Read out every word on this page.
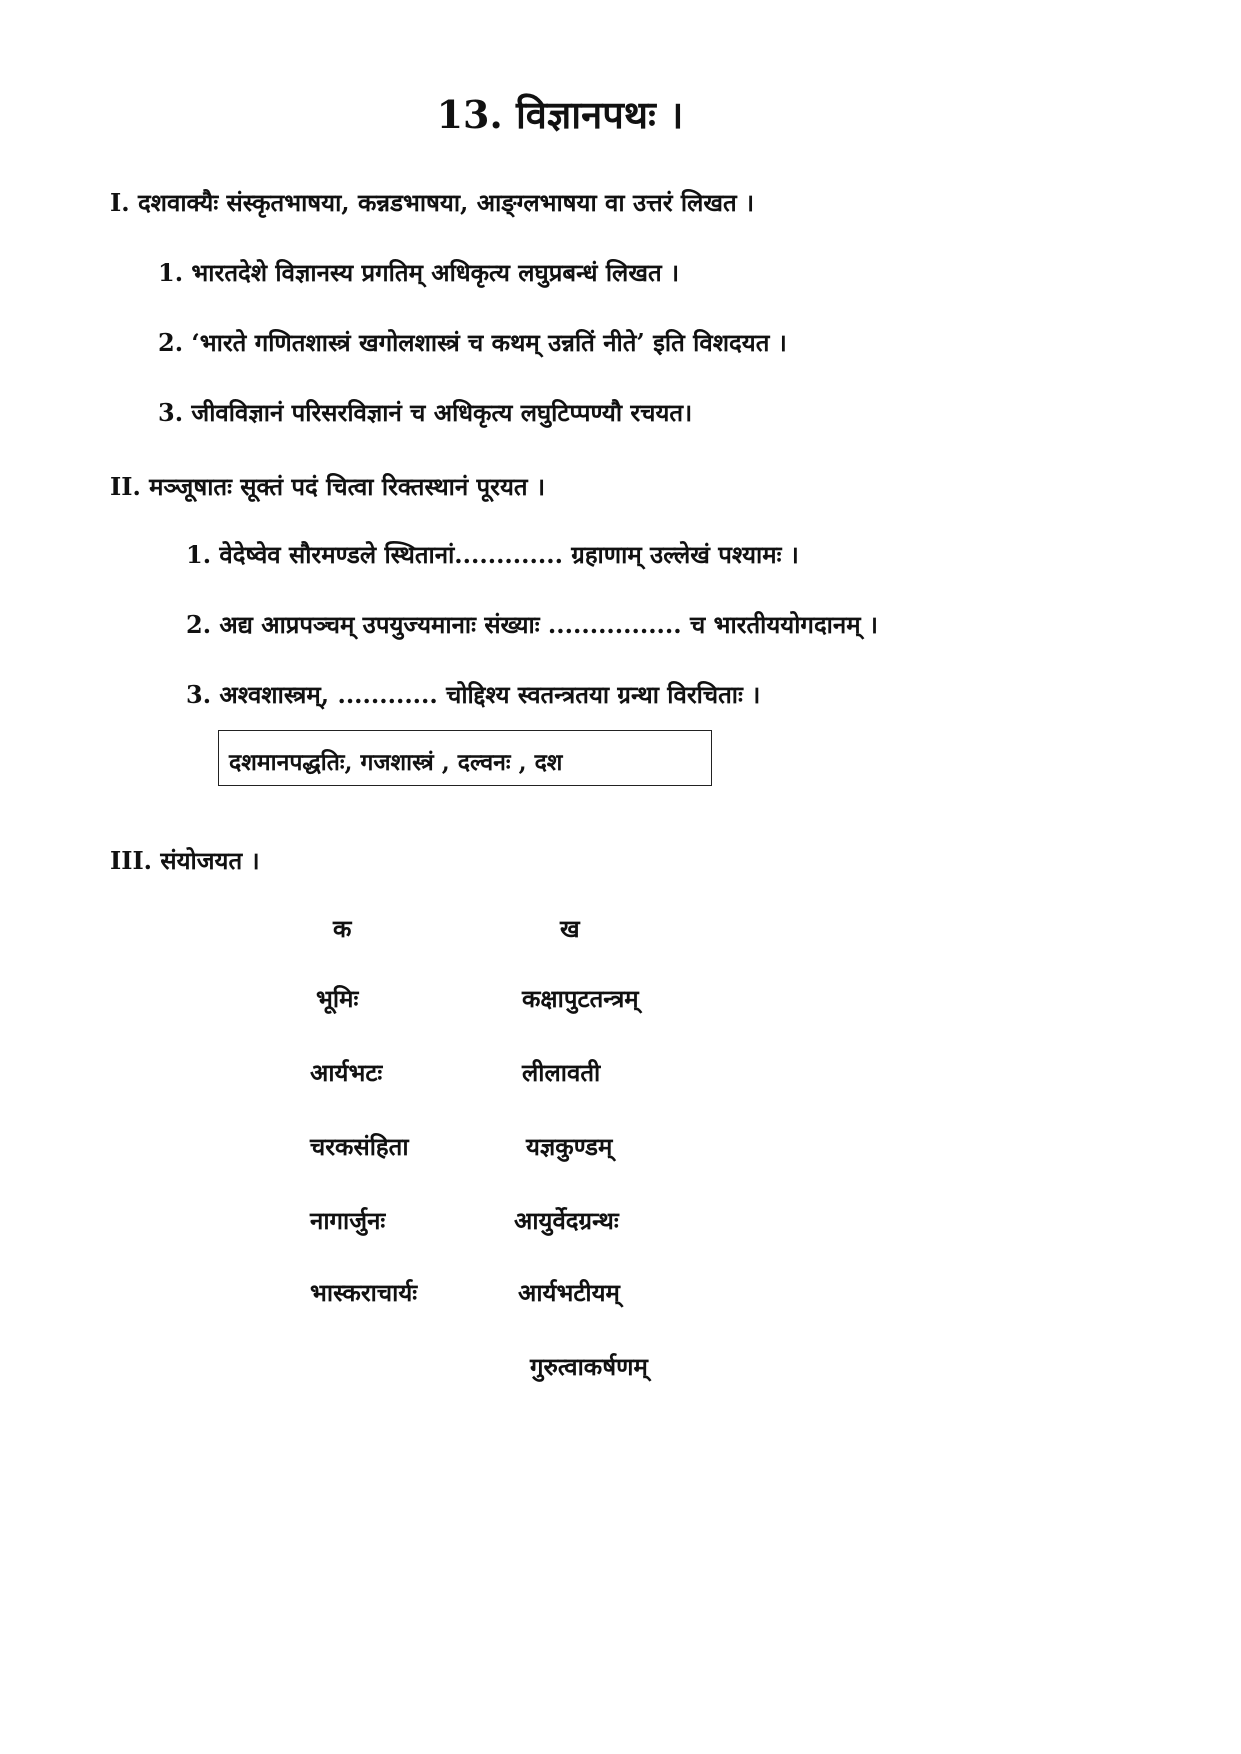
13. विज्ञानपथः ।
I. दशवाक्यैः संस्कृतभाषया, कन्नडभाषया, आङ्ग्लभाषया वा उत्तरं लिखत ।
1. भारतदेशे विज्ञानस्य प्रगतिम् अधिकृत्य लघुप्रबन्धं लिखत ।
2. ‘भारते गणितशास्त्रं खगोलशास्त्रं च कथम् उन्नतिं नीते’ इति विशदयत ।
3. जीवविज्ञानं परिसरविज्ञानं च अधिकृत्य लघुटिप्पण्यौ रचयत।
II. मञ्जूषातः सूक्तं पदं चित्वा रिक्तस्थानं पूरयत ।
1. वेदेष्वेव सौरमण्डले स्थितानां............. ग्रहाणाम् उल्लेखं पश्यामः ।
2. अद्य आप्रपञ्चम् उपयुज्यमानाः संख्याः ................ च भारतीययोगदानम् ।
3. अश्वशास्त्रम्, ............ चोद्दिश्य स्वतन्त्रतया ग्रन्था विरचिताः ।
दशमानपद्धतिः, गजशास्त्रं , दल्वनः , दश
III. संयोजयत ।
क	ख
भूमिः
आर्यभटः
चरकसंहिता
नागार्जुनः
भास्कराचार्यः
कक्षापुटतन्त्रम्
लीलावती
यज्ञकुण्डम्
आयुर्वेदग्रन्थः
आर्यभटीयम्
गुरुत्वाकर्षणम्
